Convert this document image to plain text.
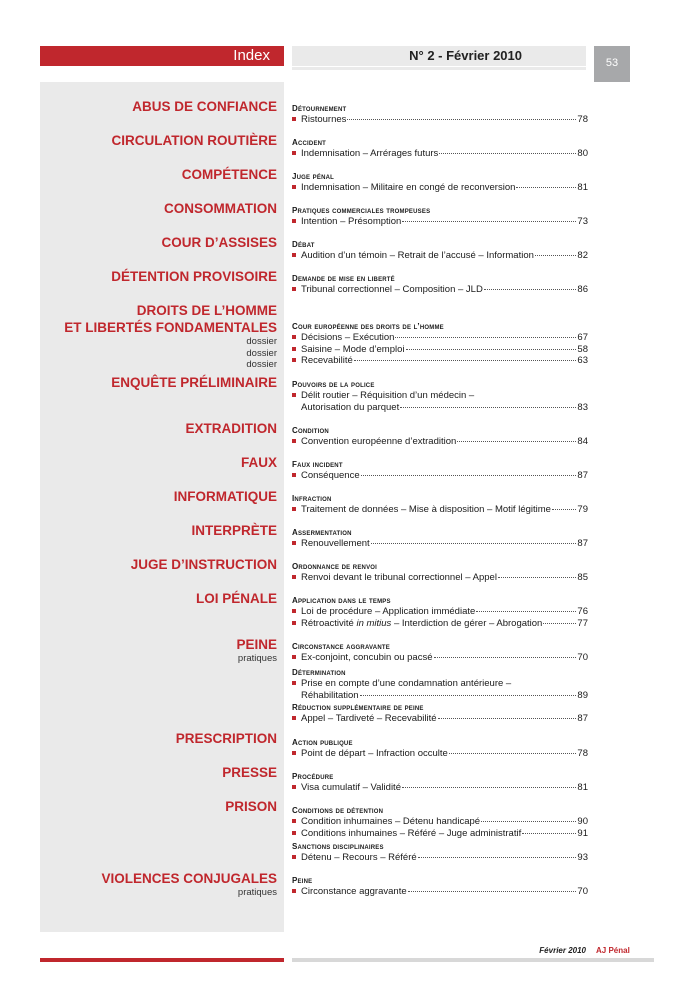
Index	N° 2 - Février 2010	53
ABUS DE CONFIANCE Détournement
Ristournes	78
CIRCULATION ROUTIÈRE Accident
Indemnisation – Arrérages futurs	80
COMPÉTENCE Juge pénal
Indemnisation – Militaire en congé de reconversion	81
CONSOMMATION Pratiques commerciales trompeuses
Intention – Présomption	73
COUR D’ASSISES Débat
Audition d’un témoin – Retrait de l’accusé – Information	82
DÉTENTION PROVISOIRE Demande de mise en liberté
Tribunal correctionnel – Composition – JLD	86
DROITS DE L’HOMME
ET LIBERTÉS FONDAMENTALES
dossier
dossier
dossier
Cour européenne des droits de l’homme
Décisions – Exécution	67
Saisine – Mode d’emploi	58
Recevabilité	63
ENQUÊTE PRÉLIMINAIRE Pouvoirs de la police
Délit routier – Réquisition d’un médecin –
Autorisation du parquet	83
EXTRADITION Condition
Convention européenne d’extradition	84
FAUX Faux incident
Conséquence	87
INFORMATIQUE Infraction
Traitement de données – Mise à disposition – Motif légitime	79
INTERPRÈTE Assermentation
Renouvellement	87
JUGE D’INSTRUCTION Ordonnance de renvoi
Renvoi devant le tribunal correctionnel – Appel	85
LOI PÉNALE Application dans le temps
Loi de procédure – Application immédiate	76
Rétroactivité in mitius – Interdiction de gérer – Abrogation	77
PEINE
pratiques
Circonstance aggravante
Ex-conjoint, concubin ou pacsé	70
Détermination
Prise en compte d’une condamnation antérieure –
Réhabilitation	89
Réduction supplémentaire de peine
Appel – Tardiveté – Recevabilité	87
PRESCRIPTION Action publique
Point de départ – Infraction occulte	78
PRESSE Procédure
Visa cumulatif – Validité	81
PRISON Conditions de détention
Condition inhumaines – Détenu handicapé	90
Conditions inhumaines – Référé – Juge administratif	91
Sanctions disciplinaires
Détenu – Recours – Référé	93
VIOLENCES CONJUGALES
pratiques
Peine
Circonstance aggravante	70
Février 2010 AJ Pénal
